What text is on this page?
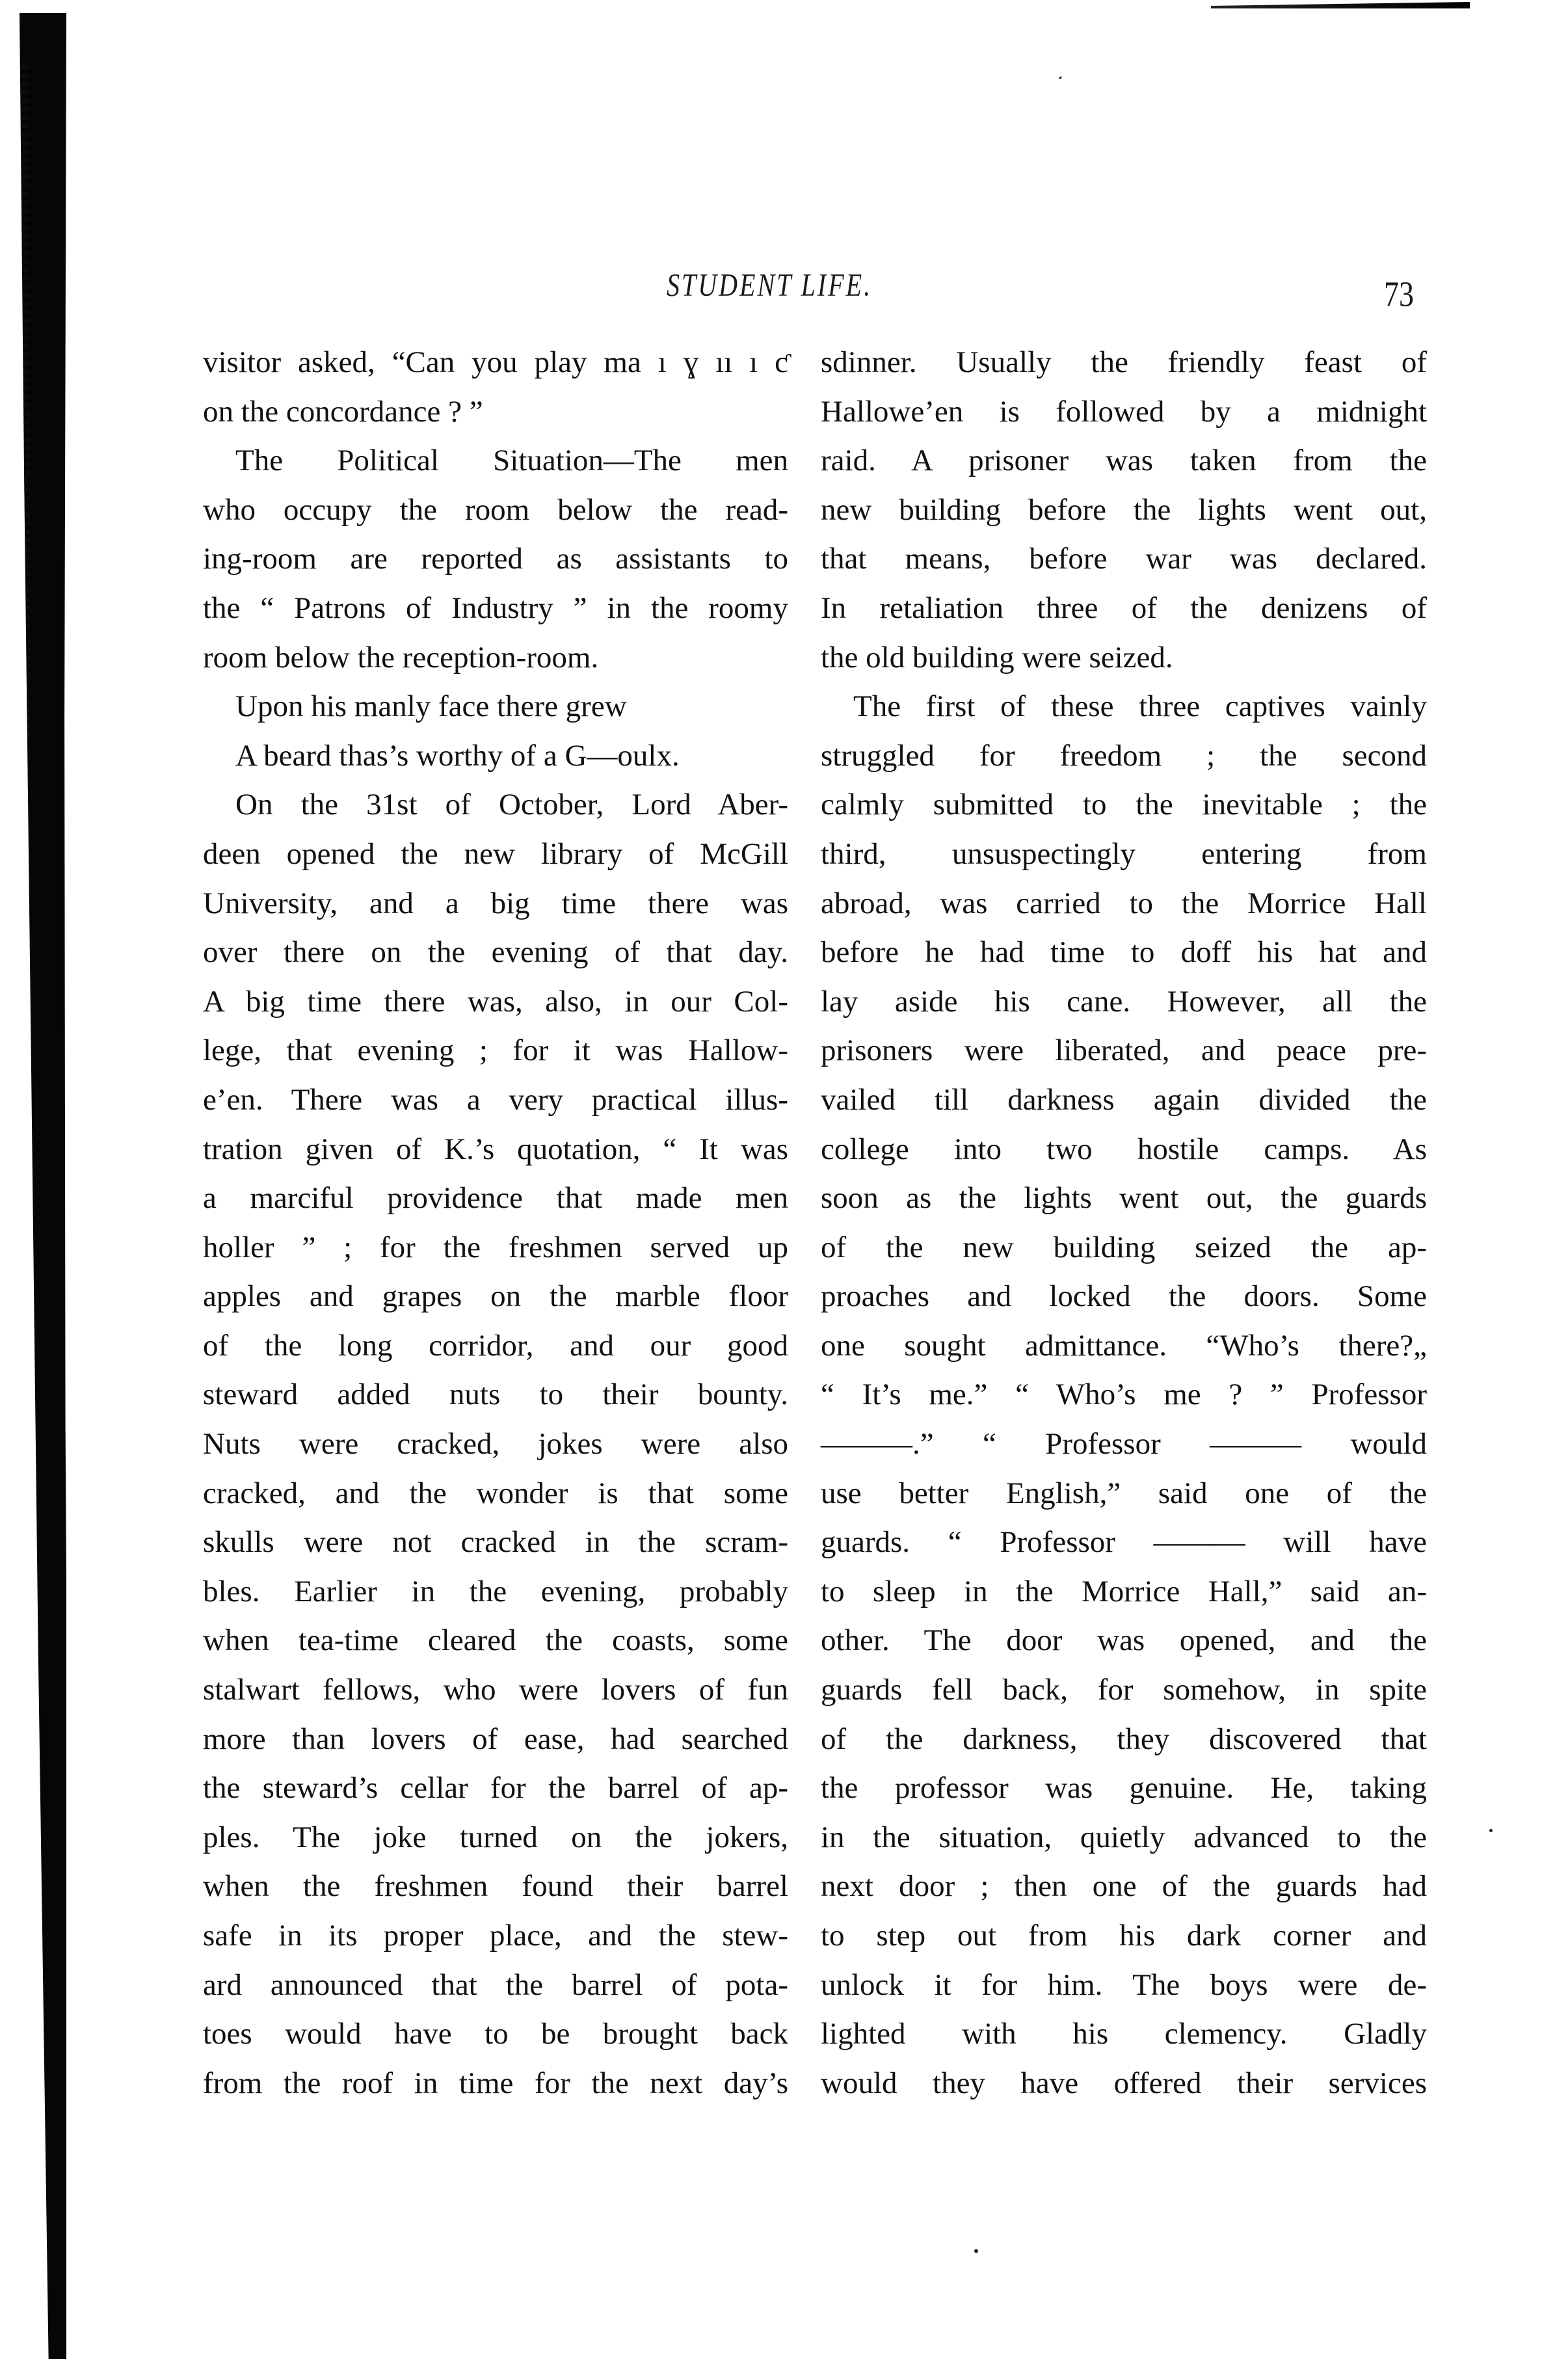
STUDENT LIFE.	73
visitor asked, “Can you play ma ı ɣ ıı ı ƈ
on the concordance ? ”
The Political Situation—The men
who occupy the room below the read-
ing-room are reported as assistants to
the “ Patrons of Industry ” in the roomy
room below the reception-room.
Upon his manly face there grew
A beard thas’s worthy of a G—oulx.
On the 31st of October, Lord Aber-
deen opened the new library of McGill
University, and a big time there was
over there on the evening of that day.
A big time there was, also, in our Col-
lege, that evening ; for it was Hallow-
e’en. There was a very practical illus-
tration given of K.’s quotation, “ It was
a marciful providence that made men
holler ” ; for the freshmen served up
apples and grapes on the marble floor
of the long corridor, and our good
steward added nuts to their bounty.
Nuts were cracked, jokes were also
cracked, and the wonder is that some
skulls were not cracked in the scram-
bles. Earlier in the evening, probably
when tea-time cleared the coasts, some
stalwart fellows, who were lovers of fun
more than lovers of ease, had searched
the steward’s cellar for the barrel of ap-
ples. The joke turned on the jokers,
when the freshmen found their barrel
safe in its proper place, and the stew-
ard announced that the barrel of pota-
toes would have to be brought back
from the roof in time for the next day’s
sdinner. Usually the friendly feast of
Hallowe’en is followed by a midnight
raid. A prisoner was taken from the
new building before the lights went out,
that means, before war was declared.
In retaliation three of the denizens of
the old building were seized.
The first of these three captives vainly
struggled for freedom ; the second
calmly submitted to the inevitable ; the
third, unsuspectingly entering from
abroad, was carried to the Morrice Hall
before he had time to doff his hat and
lay aside his cane. However, all the
prisoners were liberated, and peace pre-
vailed till darkness again divided the
college into two hostile camps. As
soon as the lights went out, the guards
of the new building seized the ap-
proaches and locked the doors. Some
one sought admittance. “Who’s there?„
“ It’s me.” “ Who’s me ? ” Professor
———.” “ Professor ——— would
use better English,” said one of the
guards. “ Professor ——— will have
to sleep in the Morrice Hall,” said an-
other. The door was opened, and the
guards fell back, for somehow, in spite
of the darkness, they discovered that
the professor was genuine. He, taking
in the situation, quietly advanced to the
next door ; then one of the guards had
to step out from his dark corner and
unlock it for him. The boys were de-
lighted with his clemency. Gladly
would they have offered their services
